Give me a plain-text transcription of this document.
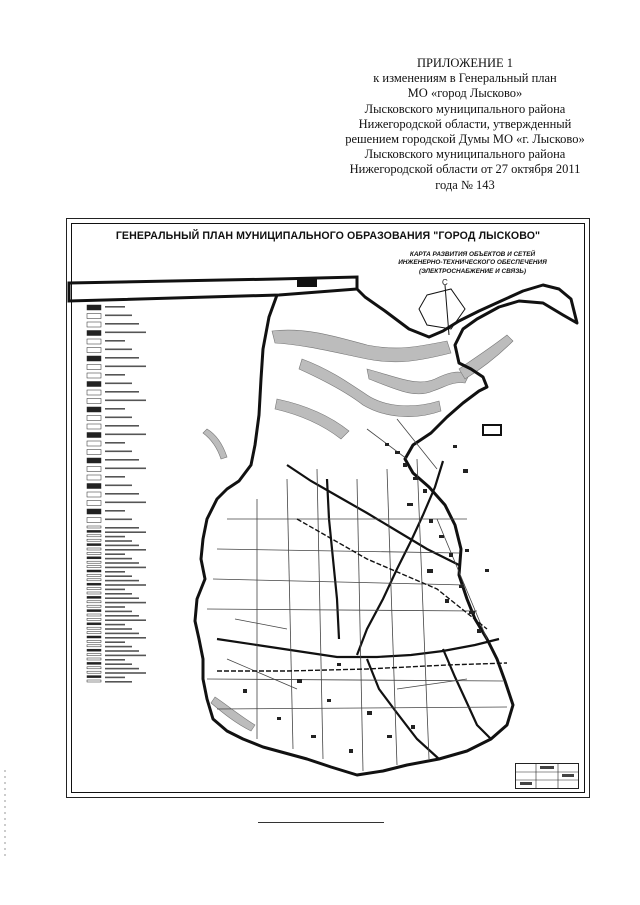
ПРИЛОЖЕНИЕ 1
к изменениям в Генеральный план
МО «город Лысково»
Лысковского муниципального района
Нижегородской области, утвержденный
решением городской Думы МО «г. Лысково»
Лысковского муниципального района
Нижегородской области от 27 октября 2011
года № 143
С
ГЕНЕРАЛЬНЫЙ ПЛАН МУНИЦИПАЛЬНОГО ОБРАЗОВАНИЯ "ГОРОД ЛЫСКОВО"
КАРТА РАЗВИТИЯ ОБЪЕКТОВ И СЕТЕЙ
ИНЖЕНЕРНО-ТЕХНИЧЕСКОГО ОБЕСПЕЧЕНИЯ
(ЭЛЕКТРОСНАБЖЕНИЕ И СВЯЗЬ)
